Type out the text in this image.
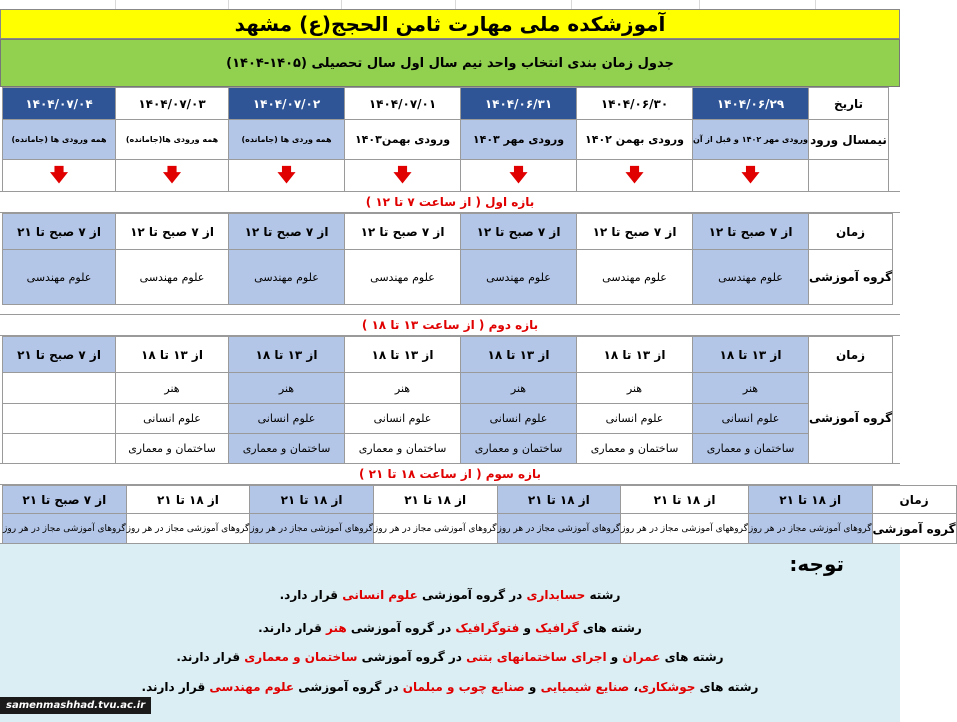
آموزشکده ملی مهارت ثامن الحجج(ع) مشهد
جدول زمان بندی انتخاب واحد نیم سال اول سال تحصیلی (۱۴۰۵-۱۴۰۴)
تاریخ	۱۴۰۴/۰۶/۲۹	۱۴۰۴/۰۶/۳۰	۱۴۰۴/۰۶/۳۱	۱۴۰۴/۰۷/۰۱	۱۴۰۴/۰۷/۰۲	۱۴۰۴/۰۷/۰۳	۱۴۰۴/۰۷/۰۴
نیمسال ورود	ورودی مهر ۱۴۰۲ و قبل از آن	ورودی بهمن ۱۴۰۲	ورودی مهر ۱۴۰۳	ورودی بهمن۱۴۰۳	همه وردی ها (جامانده)	همه ورودی ها(جامانده)	همه ورودی ها (جامانده)
	🡇	🡇	🡇	🡇	🡇	🡇	🡇
بازه اول ( از ساعت ۷ تا ۱۲ )
زمان	از ۷ صبح تا ۱۲	از ۷ صبح تا ۱۲	از ۷ صبح تا ۱۲	از ۷ صبح تا ۱۲	از ۷ صبح تا ۱۲	از ۷ صبح تا ۱۲	از ۷ صبح تا ۲۱
گروه آموزشی	علوم مهندسی	علوم مهندسی	علوم مهندسی	علوم مهندسی	علوم مهندسی	علوم مهندسی	علوم مهندسی
بازه دوم ( از ساعت ۱۳ تا ۱۸ )
زمان	از ۱۳ تا ۱۸	از ۱۳ تا ۱۸	از ۱۳ تا ۱۸	از ۱۳ تا ۱۸	از ۱۳ تا ۱۸	از ۱۳ تا ۱۸	از ۷ صبح تا ۲۱
گروه آموزشی	هنر	هنر	هنر	هنر	هنر	هنر	
	علوم انسانی	علوم انسانی	علوم انسانی	علوم انسانی	علوم انسانی	علوم انسانی	
	ساختمان و معماری	ساختمان و معماری	ساختمان و معماری	ساختمان و معماری	ساختمان و معماری	ساختمان و معماری	
بازه سوم ( از ساعت ۱۸ تا ۲۱ )
زمان	از ۱۸ تا ۲۱	از ۱۸ تا ۲۱	از ۱۸ تا ۲۱	از ۱۸ تا ۲۱	از ۱۸ تا ۲۱	از ۱۸ تا ۲۱	از ۷ صبح تا ۲۱
گروه آموزشی	گروهای آموزشی مجاز در هر روز	گروههای آموزشی مجاز در هر روز	گروهای آموزشی مجاز در هر روز	گروهای آموزشی مجاز در هر روز	گروهای آموزشی مجاز در هر روز	گروهای آموزشی مجاز در هر روز	گروهای آموزشی مجاز در هر روز
توجه:
رشته حسابداری در گروه آموزشی علوم انسانی قرار دارد.
رشته های گرافیک و فتوگرافیک در گروه آموزشی هنر قرار دارند.
رشته های عمران و اجرای ساختمانهای بتنی در گروه آموزشی ساختمان و معماری قرار دارند.
رشته های جوشکاری، صنایع شیمیایی و صنایع چوب و مبلمان در گروه آموزشی علوم مهندسی قرار دارند.
samenmashhad.tvu.ac.ir
